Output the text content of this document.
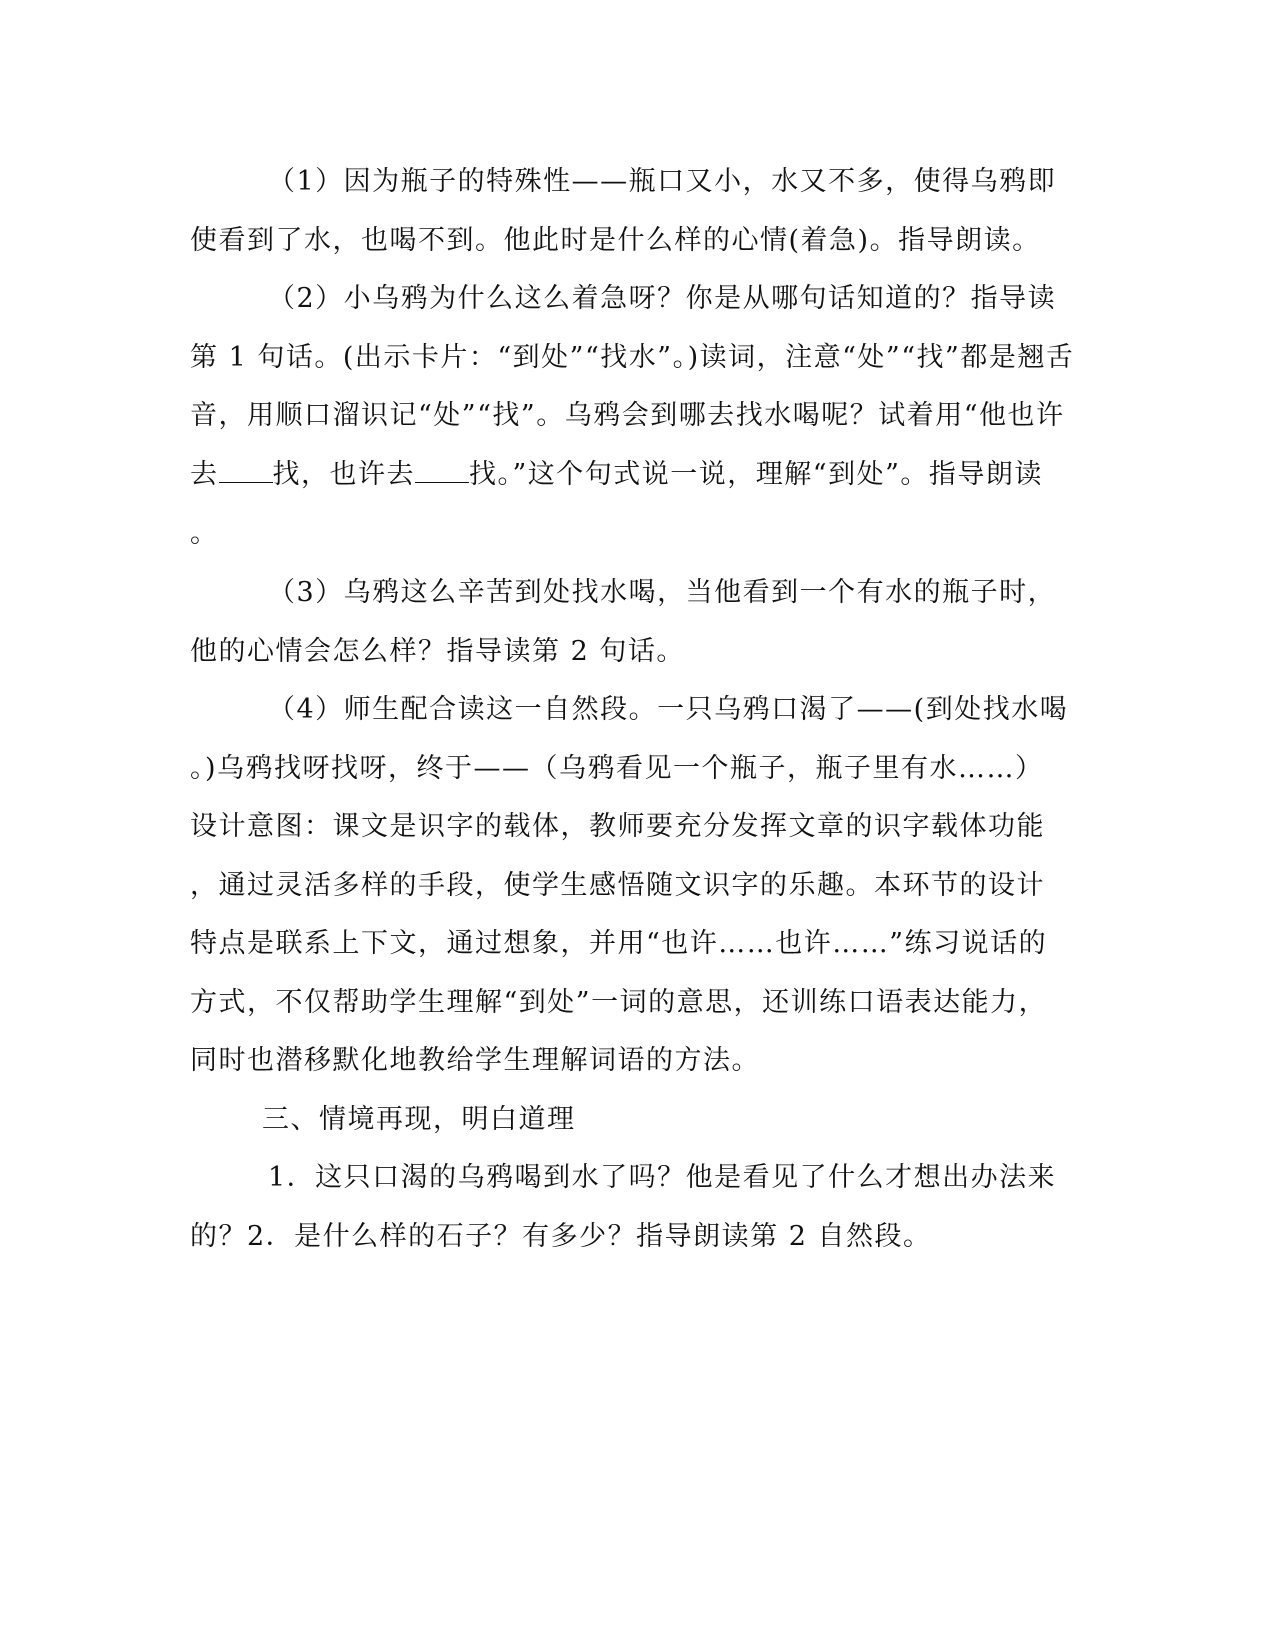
（1）因为瓶子的特殊性——瓶口又小，水又不多，使得乌鸦即
使看到了水，也喝不到。他此时是什么样的心情(着急)。指导朗读。
（2）小乌鸦为什么这么着急呀？你是从哪句话知道的？指导读
第 1 句话。(出示卡片：“到处”“找水”。)读词，注意“处”“找”都是翘舌
音，用顺口溜识记“处”“找”。乌鸦会到哪去找水喝呢？试着用“他也许
去 找，也许去 找。”这个句式说一说，理解“到处”。指导朗读
。
（3）乌鸦这么辛苦到处找水喝，当他看到一个有水的瓶子时，
他的心情会怎么样？指导读第 2 句话。
（4）师生配合读这一自然段。一只乌鸦口渴了——(到处找水喝
。)乌鸦找呀找呀，终于——（乌鸦看见一个瓶子，瓶子里有水……）
设计意图：课文是识字的载体，教师要充分发挥文章的识字载体功能
，通过灵活多样的手段，使学生感悟随文识字的乐趣。本环节的设计
特点是联系上下文，通过想象，并用“也许……也许……”练习说话的
方式，不仅帮助学生理解“到处”一词的意思，还训练口语表达能力，
同时也潜移默化地教给学生理解词语的方法。
三、情境再现，明白道理
1．这只口渴的乌鸦喝到水了吗？他是看见了什么才想出办法来
的？2．是什么样的石子？有多少？指导朗读第 2 自然段。
